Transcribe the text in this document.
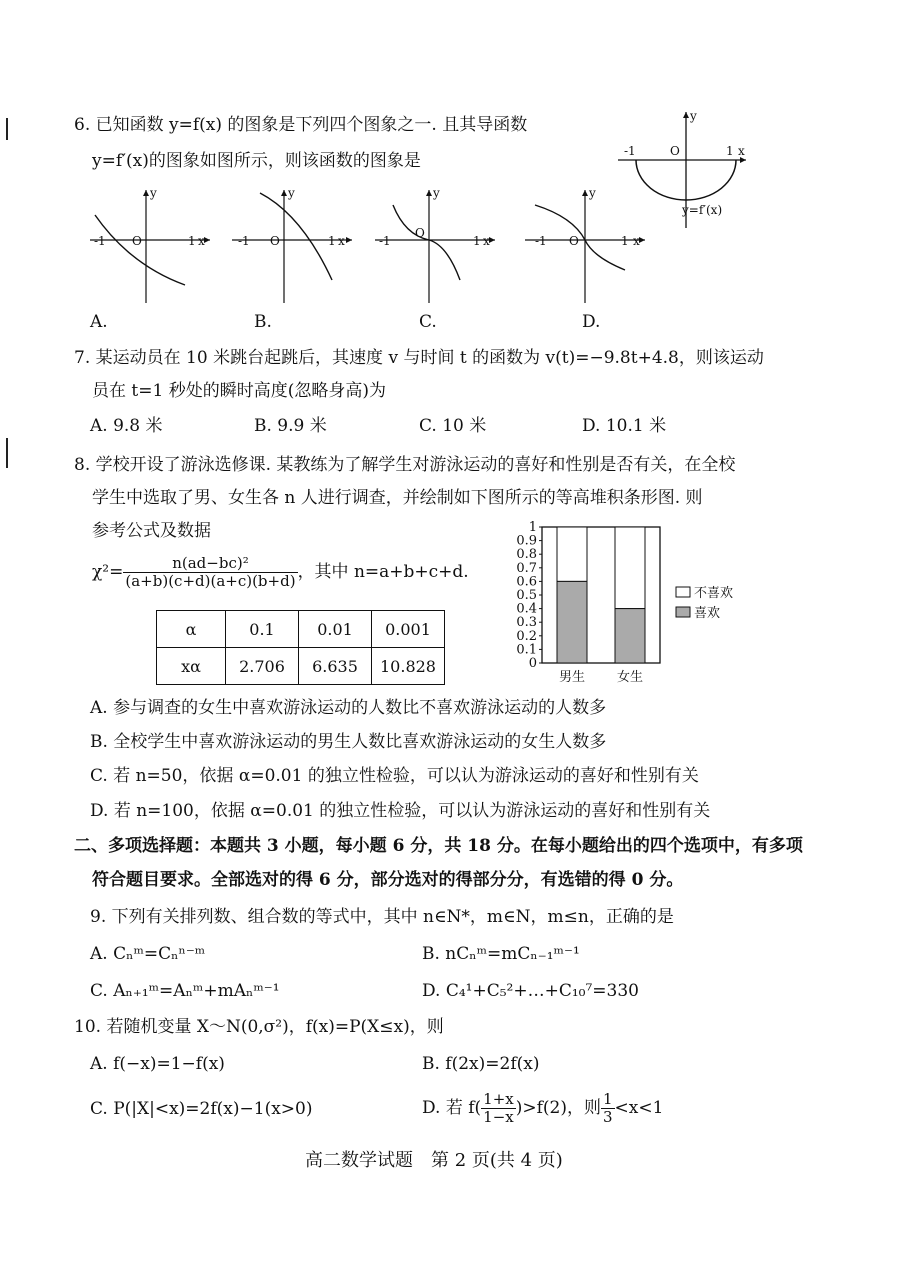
6. 已知函数 y=f(x) 的图象是下列四个图象之一. 且其导函数
y=f′(x)的图象如图所示，则该函数的图象是	-1	O	1 x
y
y=f′(x)
-1 O	1 x
y
-1 O	1 x
y
-1
O
1 x
y
-1 O	1 x
y
A.	B.	C.	D.
7. 某运动员在 10 米跳台起跳后，其速度 v 与时间 t 的函数为 v(t)=−9.8t+4.8，则该运动
员在 t=1 秒处的瞬时高度(忽略身高)为
A. 9.8 米	B. 9.9 米	C. 10 米	D. 10.1 米
8. 学校开设了游泳选修课. 某教练为了解学生对游泳运动的喜好和性别是否有关，在全校
学生中选取了男、女生各 n 人进行调查，并绘制如下图所示的等高堆积条形图. 则
参考公式及数据
$\chi^2= \frac{\text{n(ad−bc)²}}{(a+b)(c+d)(a+c)(b+d)}$ ，其中 n=a+b+c+d.
α	0.1	0.01	0.001
xα	2.706	6.635	10.828	0
0.1
0.2
0.3
0.4
0.5
0.6
0.7
0.8
0.9
1
男生 女生
不喜欢
喜欢
A. 参与调查的女生中喜欢游泳运动的人数比不喜欢游泳运动的人数多
B. 全校学生中喜欢游泳运动的男生人数比喜欢游泳运动的女生人数多
C. 若 n=50，依据 α=0.01 的独立性检验，可以认为游泳运动的喜好和性别有关
D. 若 n=100，依据 α=0.01 的独立性检验，可以认为游泳运动的喜好和性别有关
二、多项选择题：本题共 3 小题，每小题 6 分，共 18 分。在每小题给出的四个选项中，有多项
符合题目要求。全部选对的得 6 分，部分选对的得部分分，有选错的得 0 分。
9. 下列有关排列数、组合数的等式中，其中 n∈N*，m∈N，m≤n，正确的是
A. Cₙᵐ=Cₙⁿ⁻ᵐ	B. nCₙᵐ=mCₙ₋₁ᵐ⁻¹
C. Aₙ₊₁ᵐ=Aₙᵐ+mAₙᵐ⁻¹	D. C₄¹+C₅²+…+C₁₀⁷=330
10. 若随机变量 X～N(0,σ²)，f(x)=P(X≤x)，则
A. f(−x)=1−f(x)	B. f(2x)=2f(x)
C. P(|X|<x)=2f(x)−1(x>0)	D. 若 $f( \frac{1+x}{1-x} )>f(2)$，则 $\frac{1}{3} <x<1$
高二数学试题　第 2 页(共 4 页)
